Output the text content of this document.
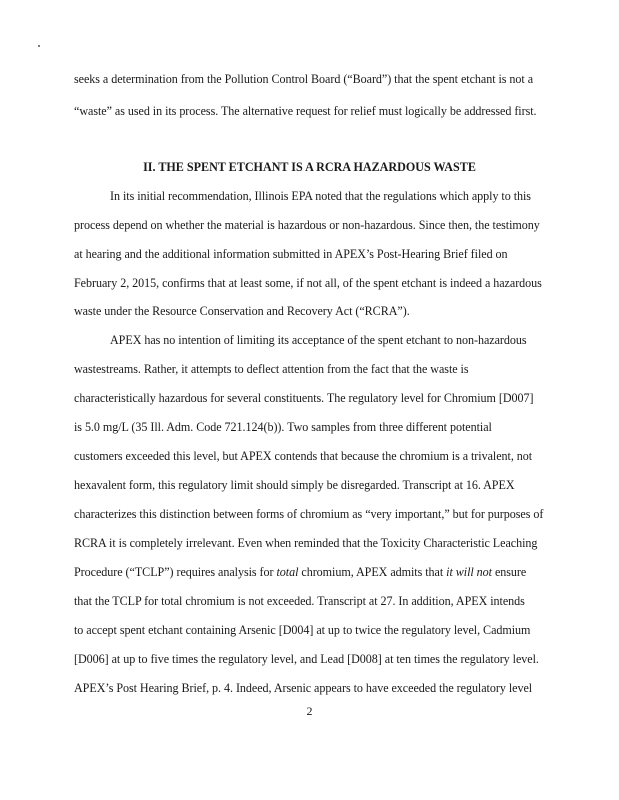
seeks a determination from the Pollution Control Board (“Board”) that the spent etchant is not a
“waste” as used in its process. The alternative request for relief must logically be addressed first.
II. THE SPENT ETCHANT IS A RCRA HAZARDOUS WASTE
In its initial recommendation, Illinois EPA noted that the regulations which apply to this
process depend on whether the material is hazardous or non-hazardous. Since then, the testimony
at hearing and the additional information submitted in APEX’s Post-Hearing Brief filed on
February 2, 2015, confirms that at least some, if not all, of the spent etchant is indeed a hazardous
waste under the Resource Conservation and Recovery Act (“RCRA”).
APEX has no intention of limiting its acceptance of the spent etchant to non-hazardous
wastestreams. Rather, it attempts to deflect attention from the fact that the waste is
characteristically hazardous for several constituents. The regulatory level for Chromium [D007]
is 5.0 mg/L (35 Ill. Adm. Code 721.124(b)). Two samples from three different potential
customers exceeded this level, but APEX contends that because the chromium is a trivalent, not
hexavalent form, this regulatory limit should simply be disregarded. Transcript at 16. APEX
characterizes this distinction between forms of chromium as “very important,” but for purposes of
RCRA it is completely irrelevant. Even when reminded that the Toxicity Characteristic Leaching
Procedure (“TCLP”) requires analysis for total chromium, APEX admits that it will not ensure
that the TCLP for total chromium is not exceeded. Transcript at 27. In addition, APEX intends
to accept spent etchant containing Arsenic [D004] at up to twice the regulatory level, Cadmium
[D006] at up to five times the regulatory level, and Lead [D008] at ten times the regulatory level.
APEX’s Post Hearing Brief, p. 4. Indeed, Arsenic appears to have exceeded the regulatory level
2
